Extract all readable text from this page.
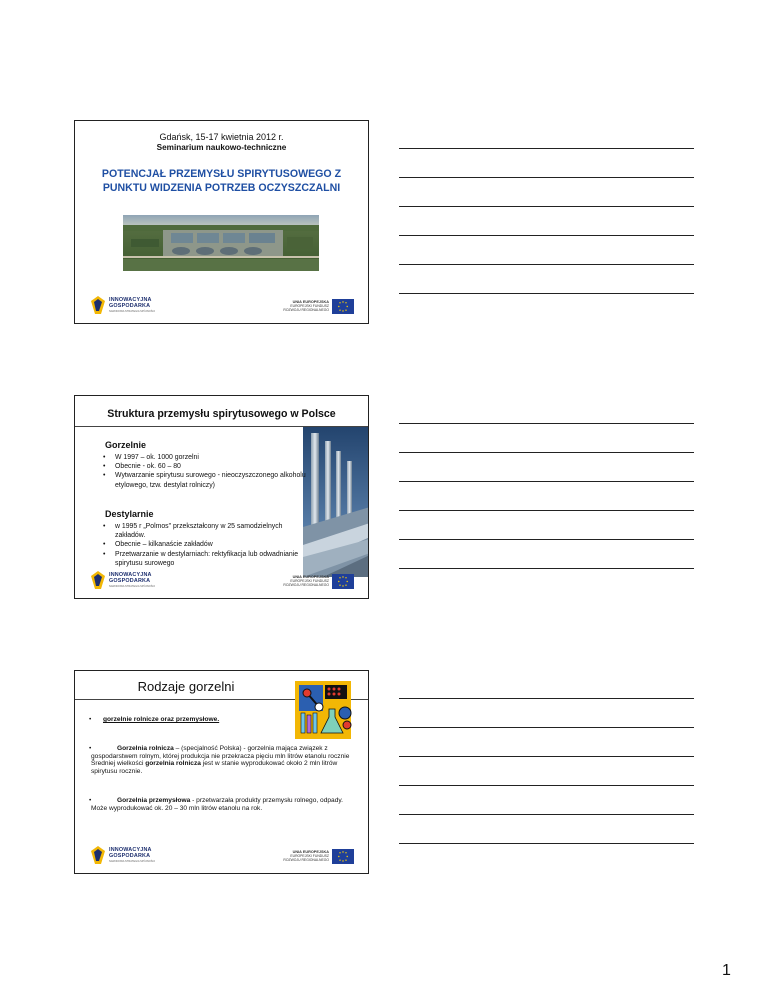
Gdańsk, 15-17 kwietnia 2012 r.
Seminarium naukowo-techniczne
POTENCJAŁ PRZEMYSŁU SPIRYTUSOWEGO Z PUNKTU WIDZENIA POTRZEB OCZYSZCZALNI
INNOWACYJNA
GOSPODARKA
NARODOWA STRATEGIA SPÓJNOŚCI
UNIA EUROPEJSKA
EUROPEJSKI FUNDUSZ
ROZWOJU REGIONALNEGO
Struktura przemysłu spirytusowego w Polsce
Gorzelnie
• W 1997 – ok. 1000 gorzelni
• Obecnie - ok. 60 – 80
• Wytwarzanie spirytusu surowego - nieoczyszczonego alkoholu etylowego, tzw. destylat rolniczy)
Destylarnie
• w 1995 r „Polmos" przekształcony w 25 samodzielnych zakładów.
• Obecnie – kilkanaście zakładów
• Przetwarzanie w destylarniach: rektyfikacja lub odwadnianie spirytusu surowego
INNOWACYJNA
GOSPODARKA
NARODOWA STRATEGIA SPÓJNOŚCI
UNIA EUROPEJSKA
EUROPEJSKI FUNDUSZ
ROZWOJU REGIONALNEGO
Rodzaje gorzelni
• gorzelnie rolnicze oraz przemysłowe.
•	Gorzelnia rolnicza – (specjalność Polska) - gorzelnia mająca związek z gospodarstwem rolnym, której produkcja nie przekracza pięciu mln litrów etanolu rocznie
Średniej wielkości gorzelnia rolnicza jest w stanie wyprodukować około 2 mln litrów spirytusu rocznie.
•	Gorzelnia przemysłowa - przetwarzała produkty przemysłu rolnego, odpady. Może wyprodukować ok. 20 – 30 mln litrów etanolu na rok.
INNOWACYJNA
GOSPODARKA
NARODOWA STRATEGIA SPÓJNOŚCI
UNIA EUROPEJSKA
EUROPEJSKI FUNDUSZ
ROZWOJU REGIONALNEGO
1
